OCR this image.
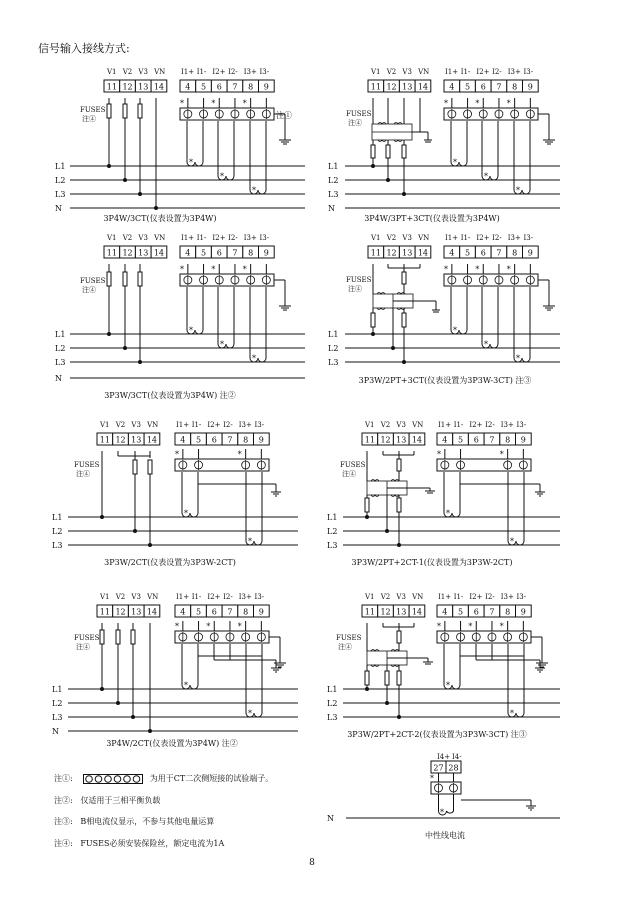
信号输入接线方式:
V1
11
V2
12
V3
13
VN
14
I1+
4
I1-
5
I2+
6
I2-
7
I3+
8
I3-
9
FUSES
注④
*	*	*
*
*
*
注①
L1
L2
L3
N
3P4W/3CT(仪表设置为3P4W)
V1
11
V2
12
V3
13
VN
14
I1+
4
I1-
5
I2+
6
I2-
7
I3+
8
I3-
9
FUSES
注④
*	*	*
*
*
*
L1
L2
L3
N
3P4W/3PT+3CT(仪表设置为3P4W)
V1
11
V2
12
V3
13
VN
14
I1+
4
I1-
5
I2+
6
I2-
7
I3+
8
I3-
9
FUSES
注④
*	*	*
*
*
*
L1
L2
L3
N
3P3W/3CT(仪表设置为3P4W) 注②
V1
11
V2
12
V3
13
VN
14
I1+
4
I1-
5
I2+
6
I2-
7
I3+
8
I3-
9
FUSES
注④
*	*	*
*
*
*
L1
L2
L3
3P3W/2PT+3CT(仪表设置为3P3W-3CT) 注③
V1
11
V2
12
V3
13
VN
14
I1+
4
I1-
5
I2+
6
I2-
7
I3+
8
I3-
9
FUSES
注④
*	*
*
*
L1
L2
L3
3P3W/2CT(仪表设置为3P3W-2CT)
V1
11
V2
12
V3
13
VN
14
I1+
4
I1-
5
I2+
6
I2-
7
I3+
8
I3-
9
FUSES
注④
*	*
*
*
L1
L2
L3
3P3W/2PT+2CT-1(仪表设置为3P3W-2CT)
V1
11
V2
12
V3
13
VN
14
I1+
4
I1-
5
I2+
6
I2-
7
I3+
8
I3-
9
FUSES
注④
*	*	*
*
*
L1
L2
L3
N
3P4W/2CT(仪表设置为3P4W) 注②
V1
11
V2
12
V3
13
VN
14
I1+
4
I1-
5
I2+
6
I2-
7
I3+
8
I3-
9
FUSES
注④
*	*	*
*
*
L1
L2
L3
3P3W/2PT+2CT-2(仪表设置为3P3W-3CT) 注③
I4+ I4-
27 28
*
*
N
中性线电流
注①:	为用于CT二次侧短接的试验端子。
注②: 仅适用于三相平衡负载
注③: B相电流仪显示，不参与其他电量运算
注④: FUSES必须安装保险丝，额定电流为1A
8
